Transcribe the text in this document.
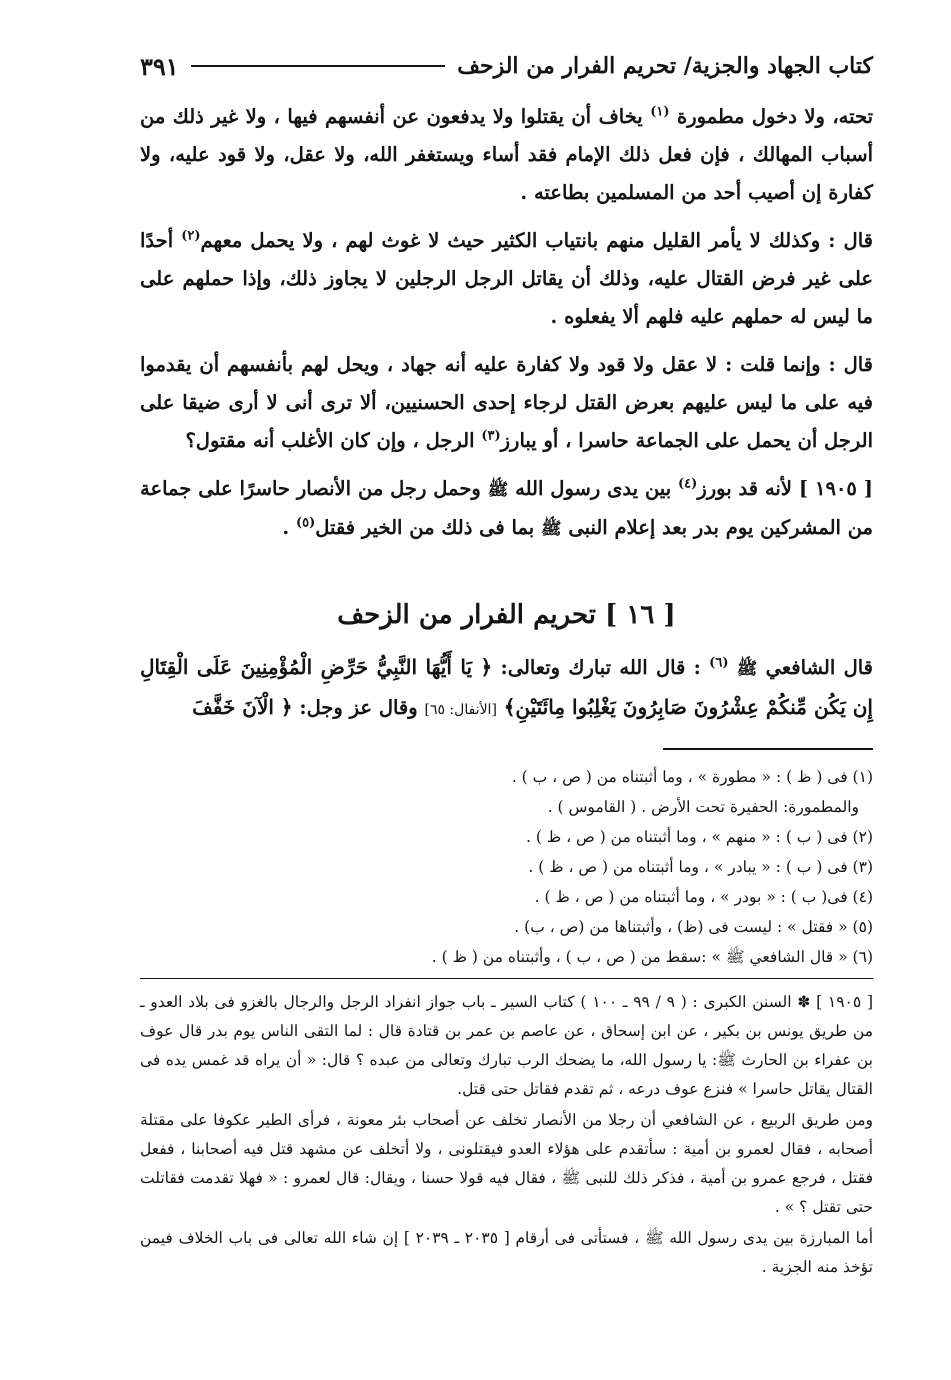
كتاب الجهاد والجزية/ تحريم الفرار من الزحف
٣٩١

تحته، ولا دخول مطمورة $^{(١)}$ يخاف أن يقتلوا ولا يدفعون عن أنفسهم فيها ، ولا غير ذلك من أسباب المهالك ، فإن فعل ذلك الإمام فقد أساء ويستغفر الله، ولا عقل، ولا قود عليه، ولا كفارة إن أصيب أحد من المسلمين بطاعته .

قال : وكذلك لا يأمر القليل منهم بانتياب الكثير حيث لا غوث لهم ، ولا يحمل معهم$^{(٢)}$ أحدًا على غير فرض القتال عليه، وذلك أن يقاتل الرجل الرجلين لا يجاوز ذلك، وإذا حملهم على ما ليس له حملهم عليه فلهم ألا يفعلوه .

قال : وإنما قلت : لا عقل ولا قود ولا كفارة عليه أنه جهاد ، ويحل لهم بأنفسهم أن يقدموا فيه على ما ليس عليهم بعرض القتل لرجاء إحدى الحسنيين، ألا ترى أنى لا أرى ضيقا على الرجل أن يحمل على الجماعة حاسرا ، أو يبارز$^{(٣)}$ الرجل ، وإن كان الأغلب أنه مقتول؟

[ ١٩٠٥ ] لأنه قد بورز$^{(٤)}$ بين يدى رسول الله ﷺ وحمل رجل من الأنصار حاسرًا على جماعة من المشركين يوم بدر بعد إعلام النبى ﷺ بما فى ذلك من الخير فقتل$^{(٥)}$ .

[ ١٦ ] تحريم الفرار من الزحف
قال الشافعي ﷺ $^{(٦)}$ : قال الله تبارك وتعالى: ﴿ يَا أَيُّهَا النَّبِيُّ حَرِّضِ الْمُؤْمِنِينَ عَلَى الْقِتَالِ إِن يَكُن مِّنكُمْ عِشْرُونَ صَابِرُونَ يَغْلِبُوا مِائَتَيْنِ﴾ [الأنفال: ٦٥] وقال عز وجل: ﴿ الْآنَ خَفَّفَ
(١) فى ( ظ ) : « مطورة » ، وما أثبتناه من ( ص ، ب ) .
والمطمورة: الحفيرة تحت الأرض . ( القاموس ) .
(٢) فى ( ب ) : « منهم » ، وما أثبتناه من ( ص ، ظ ) .
(٣) فى ( ب ) : « يبادر » ، وما أثبتناه من ( ص ، ظ ) .
(٤) فى( ب ) : « بودر » ، وما أثبتناه من ( ص ، ظ ) .
(٥) « فقتل » : ليست فى (ظ) ، وأثبتناها من (ص ، ب) .
(٦) « قال الشافعي ﷺ » :سقط من ( ص ، ب ) ، وأثبتناه من ( ظ ) .

[ ١٩٠٥ ] ✽ السنن الكبرى : ( ٩ / ٩٩ ـ ١٠٠ ) كتاب السير ـ باب جواز انفراد الرجل والرجال بالغزو فى بلاد العدو ـ من طريق يونس بن بكير ، عن ابن إسحاق ، عن عاصم بن عمر بن قتادة قال : لما التقى الناس يوم بدر قال عوف بن عفراء بن الحارث ﷺ: يا رسول الله، ما يضحك الرب تبارك وتعالى من عبده ؟ قال: « أن يراه قد غمس يده فى القتال يقاتل حاسرا » فنزع عوف درعه ، ثم تقدم فقاتل حتى قتل.

ومن طريق الربيع ، عن الشافعي أن رجلا من الأنصار تخلف عن أصحاب بئر معونة ، فرأى الطير عكوفا على مقتلة أصحابه ، فقال لعمرو بن أمية : سأتقدم على هؤلاء العدو فيقتلونى ، ولا أتخلف عن مشهد قتل فيه أصحابنا ، ففعل فقتل ، فرجع عمرو بن أمية ، فذكر ذلك للنبى ﷺ ، فقال فيه قولا حسنا ، ويقال: قال لعمرو : « فهلا تقدمت فقاتلت حتى تقتل ؟ » .

أما المبارزة بين يدى رسول الله ﷺ ، فستأتى فى أرقام [ ٢٠٣٥ ـ ٢٠٣٩ ] إن شاء الله تعالى فى باب الخلاف فيمن تؤخذ منه الجزية .
